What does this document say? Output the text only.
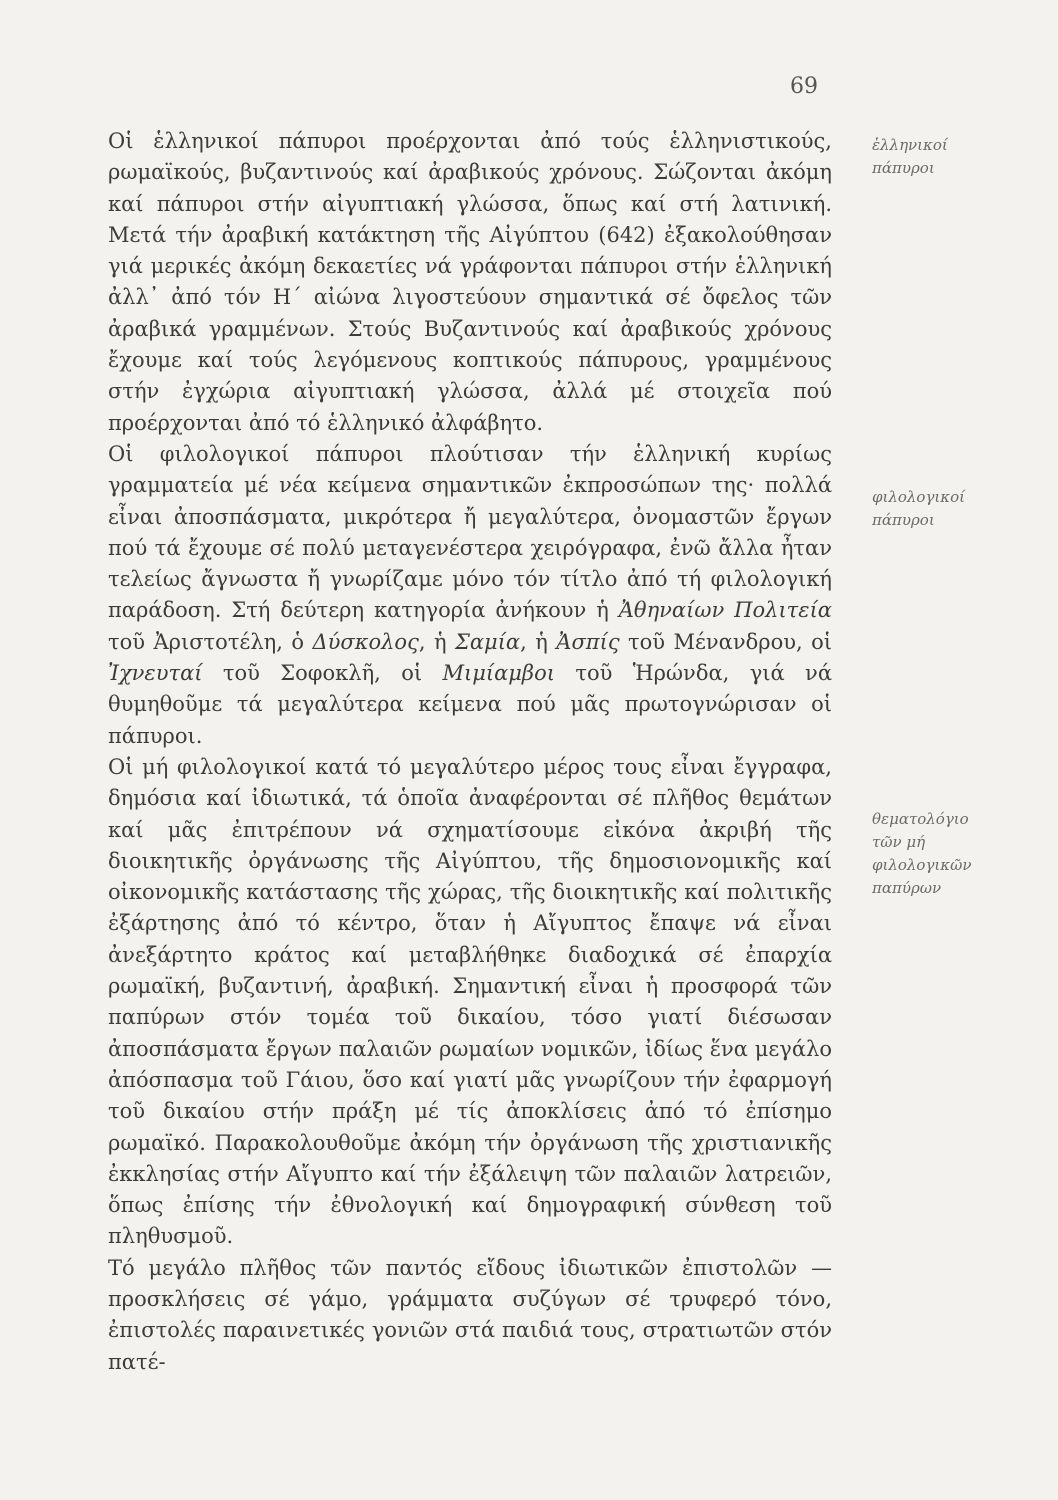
69

Οἱ ἑλληνικοί πάπυροι προέρχονται ἀπό τούς ἑλληνιστικούς, ρωμαϊκούς, βυζαντινούς καί ἀραβικούς χρόνους. Σώζονται ἀκόμη καί πάπυροι στήν αἰγυπτιακή γλώσσα, ὅπως καί στή λατινική. Μετά τήν ἀραβική κατάκτηση τῆς Αἰγύπτου (642) ἐξακολούθησαν γιά μερικές ἀκόμη δεκαετίες νά γράφονται πάπυροι στήν ἑλληνική ἀλλ᾽ ἀπό τόν Η΄ αἰώνα λιγοστεύουν σημαντικά σέ ὄφελος τῶν ἀραβικά γραμμένων. Στούς Βυζαντινούς καί ἀραβικούς χρόνους ἔχουμε καί τούς λεγόμενους κοπτικούς πάπυρους, γραμμένους στήν ἐγχώρια αἰγυπτιακή γλώσσα, ἀλλά μέ στοιχεῖα πού προέρχονται ἀπό τό ἑλληνικό ἀλφάβητο.

Οἱ φιλολογικοί πάπυροι πλούτισαν τήν ἑλληνική κυρίως γραμματεία μέ νέα κείμενα σημαντικῶν ἐκπροσώπων της· πολλά εἶναι ἀποσπάσματα, μικρότερα ἤ μεγαλύτερα, ὀνομαστῶν ἔργων πού τά ἔχουμε σέ πολύ μεταγενέστερα χειρόγραφα, ἐνῶ ἄλλα ἦταν τελείως ἄγνωστα ἤ γνωρίζαμε μόνο τόν τίτλο ἀπό τή φιλολογική παράδοση. Στή δεύτερη κατηγορία ἀνήκουν ἡ Ἀθηναίων Πολιτεία τοῦ Ἀριστοτέλη, ὁ Δύσκολος, ἡ Σαμία, ἡ Ἀσπίς τοῦ Μένανδρου, οἱ Ἰχνευταί τοῦ Σοφοκλῆ, οἱ Μιμίαμβοι τοῦ Ἡρώνδα, γιά νά θυμηθοῦμε τά μεγαλύτερα κείμενα πού μᾶς πρωτογνώρισαν οἱ πάπυροι.

Οἱ μή φιλολογικοί κατά τό μεγαλύτερο μέρος τους εἶναι ἔγγραφα, δημόσια καί ἰδιωτικά, τά ὁποῖα ἀναφέρονται σέ πλῆθος θεμάτων καί μᾶς ἐπιτρέπουν νά σχηματίσουμε εἰκόνα ἀκριβή τῆς διοικητικῆς ὀργάνωσης τῆς Αἰγύπτου, τῆς δημοσιονομικῆς καί οἰκονομικῆς κατάστασης τῆς χώρας, τῆς διοικητικῆς καί πολιτικῆς ἐξάρτησης ἀπό τό κέντρο, ὅταν ἡ Αἴγυπτος ἔπαψε νά εἶναι ἀνεξάρτητο κράτος καί μεταβλήθηκε διαδοχικά σέ ἐπαρχία ρωμαϊκή, βυζαντινή, ἀραβική. Σημαντική εἶναι ἡ προσφορά τῶν παπύρων στόν τομέα τοῦ δικαίου, τόσο γιατί διέσωσαν ἀποσπάσματα ἔργων παλαιῶν ρωμαίων νομικῶν, ἰδίως ἕνα μεγάλο ἀπόσπασμα τοῦ Γάιου, ὅσο καί γιατί μᾶς γνωρίζουν τήν ἐφαρμογή τοῦ δικαίου στήν πράξη μέ τίς ἀποκλίσεις ἀπό τό ἐπίσημο ρωμαϊκό. Παρακολουθοῦμε ἀκόμη τήν ὀργάνωση τῆς χριστιανικῆς ἐκκλησίας στήν Αἴγυπτο καί τήν ἐξάλειψη τῶν παλαιῶν λατρειῶν, ὅπως ἐπίσης τήν ἐθνολογική καί δημογραφική σύνθεση τοῦ πληθυσμοῦ.

Τό μεγάλο πλῆθος τῶν παντός εἴδους ἰδιωτικῶν ἐπιστολῶν — προσκλήσεις σέ γάμο, γράμματα συζύγων σέ τρυφερό τόνο, ἐπιστολές παραινετικές γονιῶν στά παιδιά τους, στρατιωτῶν στόν πατέ-

ἑλληνικοί
πάπυροι
φιλολογικοί
πάπυροι
θεματολόγιο
τῶν μή
φιλολογικῶν
παπύρων
